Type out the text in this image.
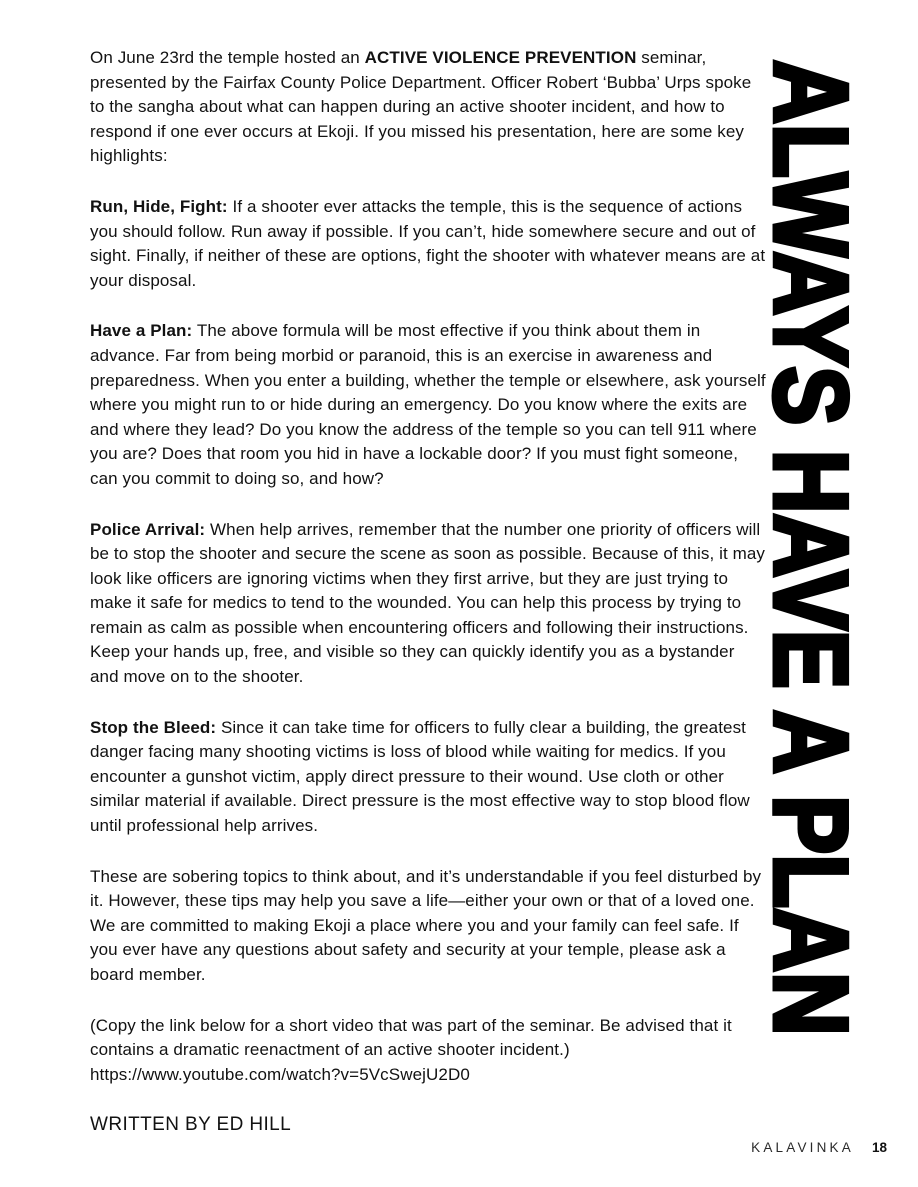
On June 23rd the temple hosted an ACTIVE VIOLENCE PREVENTION seminar, presented by the Fairfax County Police Department. Officer Robert ‘Bubba’ Urps spoke to the sangha about what can happen during an active shooter incident, and how to respond if one ever occurs at Ekoji. If you missed his presentation, here are some key highlights:

Run, Hide, Fight: If a shooter ever attacks the temple, this is the sequence of actions you should follow. Run away if possible. If you can’t, hide somewhere secure and out of sight. Finally, if neither of these are options, fight the shooter with whatever means are at your disposal.

Have a Plan: The above formula will be most effective if you think about them in advance. Far from being morbid or paranoid, this is an exercise in awareness and preparedness. When you enter a building, whether the temple or elsewhere, ask yourself where you might run to or hide during an emergency. Do you know where the exits are and where they lead? Do you know the address of the temple so you can tell 911 where you are? Does that room you hid in have a lockable door? If you must fight someone, can you commit to doing so, and how?

Police Arrival: When help arrives, remember that the number one priority of officers will be to stop the shooter and secure the scene as soon as possible. Because of this, it may look like officers are ignoring victims when they first arrive, but they are just trying to make it safe for medics to tend to the wounded. You can help this process by trying to remain as calm as possible when encountering officers and following their instructions. Keep your hands up, free, and visible so they can quickly identify you as a bystander and move on to the shooter.

Stop the Bleed: Since it can take time for officers to fully clear a building, the greatest danger facing many shooting victims is loss of blood while waiting for medics. If you encounter a gunshot victim, apply direct pressure to their wound. Use cloth or other similar material if available. Direct pressure is the most effective way to stop blood flow until professional help arrives.

These are sobering topics to think about, and it’s understandable if you feel disturbed by it. However, these tips may help you save a life—either your own or that of a loved one. We are committed to making Ekoji a place where you and your family can feel safe. If you ever have any questions about safety and security at your temple, please ask a board member.

(Copy the link below for a short video that was part of the seminar. Be advised that it contains a dramatic reenactment of an active shooter incident.)
https://www.youtube.com/watch?v=5VcSwejU2D0

WRITTEN BY ED HILL
ALWAYS HAVE A PLAN
KALAVINKA 18
